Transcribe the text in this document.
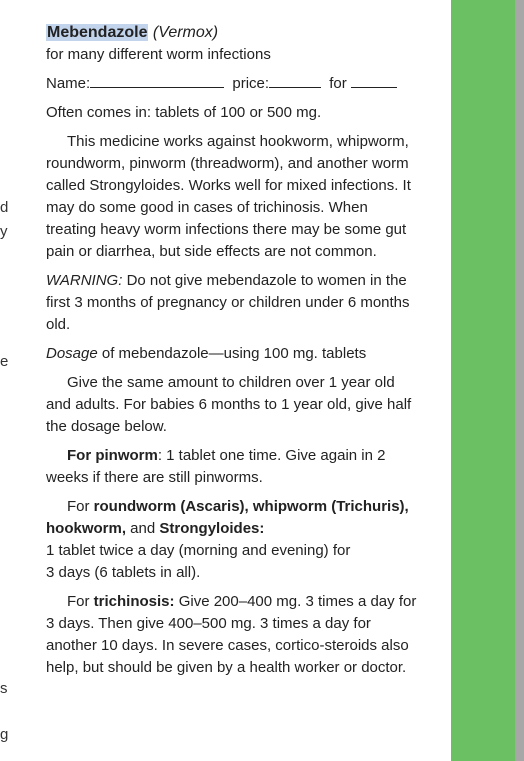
d
y
e
s
g

Mebendazole (Vermox)

for many different worm infections

Name:	price:	for

Often comes in: tablets of 100 or 500 mg.

This medicine works against hookworm, whipworm, roundworm, pinworm (threadworm), and another worm called Strongyloides. Works well for mixed infections. It may do some good in cases of trichinosis. When treating heavy worm infections there may be some gut pain or diarrhea, but side effects are not common.

WARNING: Do not give mebendazole to women in the first 3 months of pregnancy or children under 6 months old.

Dosage of mebendazole—using 100 mg. tablets

Give the same amount to children over 1 year old and adults. For babies 6 months to 1 year old, give half the dosage below.

For pinworm: 1 tablet one time. Give again in 2 weeks if there are still pinworms.

For roundworm (Ascaris), whipworm (Trichuris), hookworm, and Strongyloides:

1 tablet twice a day (morning and evening) for

3 days (6 tablets in all).

For trichinosis: Give 200–400 mg. 3 times a day for 3 days. Then give 400–500 mg. 3 times a day for another 10 days. In severe cases, cortico-steroids also help, but should be given by a health worker or doctor.
